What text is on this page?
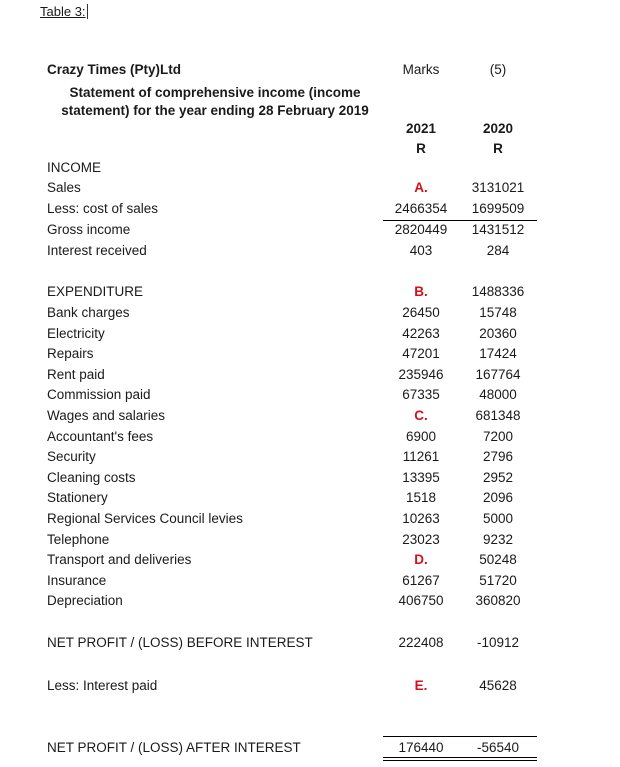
Table 3:
Crazy Times (Pty)Ltd	Marks	(5)
Statement of comprehensive income (income statement) for the year ending 28 February 2019
2021	2020
R	R
INCOME
Sales	A.	3131021
Less: cost of sales	2466354	1699509
Gross income	2820449	1431512
Interest received	403	284
EXPENDITURE	B.	1488336
Bank charges	26450	15748
Electricity	42263	20360
Repairs	47201	17424
Rent paid	235946	167764
Commission paid	67335	48000
Wages and salaries	C.	681348
Accountant's fees	6900	7200
Security	11261	2796
Cleaning costs	13395	2952
Stationery	1518	2096
Regional Services Council levies	10263	5000
Telephone	23023	9232
Transport and deliveries	D.	50248
Insurance	61267	51720
Depreciation	406750	360820
NET PROFIT / (LOSS) BEFORE INTEREST	222408	-10912
Less: Interest paid	E.	45628
NET PROFIT / (LOSS) AFTER INTEREST	176440	-56540
